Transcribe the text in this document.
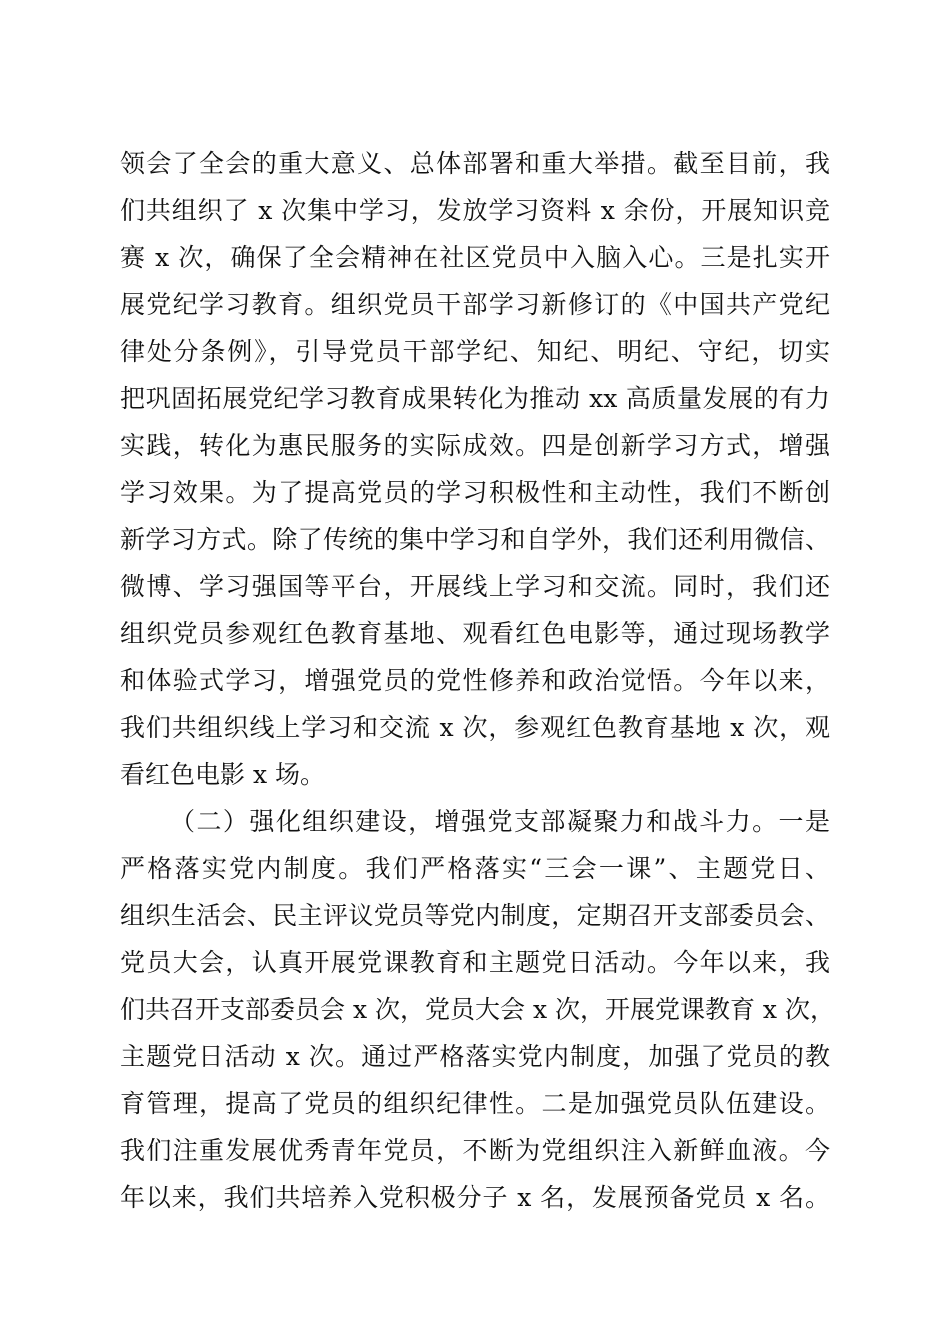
领会了全会的重大意义、总体部署和重大举措。截至目前，我
们共组织了 x 次集中学习，发放学习资料 x 余份，开展知识竞
赛 x 次，确保了全会精神在社区党员中入脑入心。三是扎实开
展党纪学习教育。组织党员干部学习新修订的《中国共产党纪
律处分条例》，引导党员干部学纪、知纪、明纪、守纪，切实
把巩固拓展党纪学习教育成果转化为推动 xx 高质量发展的有力
实践，转化为惠民服务的实际成效。四是创新学习方式，增强
学习效果。为了提高党员的学习积极性和主动性，我们不断创
新学习方式。除了传统的集中学习和自学外，我们还利用微信、
微博、学习强国等平台，开展线上学习和交流。同时，我们还
组织党员参观红色教育基地、观看红色电影等，通过现场教学
和体验式学习，增强党员的党性修养和政治觉悟。今年以来，
我们共组织线上学习和交流 x 次，参观红色教育基地 x 次，观
看红色电影 x 场。
（二）强化组织建设，增强党支部凝聚力和战斗力。一是
严格落实党内制度。我们严格落实“三会一课”、主题党日、
组织生活会、民主评议党员等党内制度，定期召开支部委员会、
党员大会，认真开展党课教育和主题党日活动。今年以来，我
们共召开支部委员会 x 次，党员大会 x 次，开展党课教育 x 次，
主题党日活动 x 次。通过严格落实党内制度，加强了党员的教
育管理，提高了党员的组织纪律性。二是加强党员队伍建设。
我们注重发展优秀青年党员，不断为党组织注入新鲜血液。今
年以来，我们共培养入党积极分子 x 名，发展预备党员 x 名。
